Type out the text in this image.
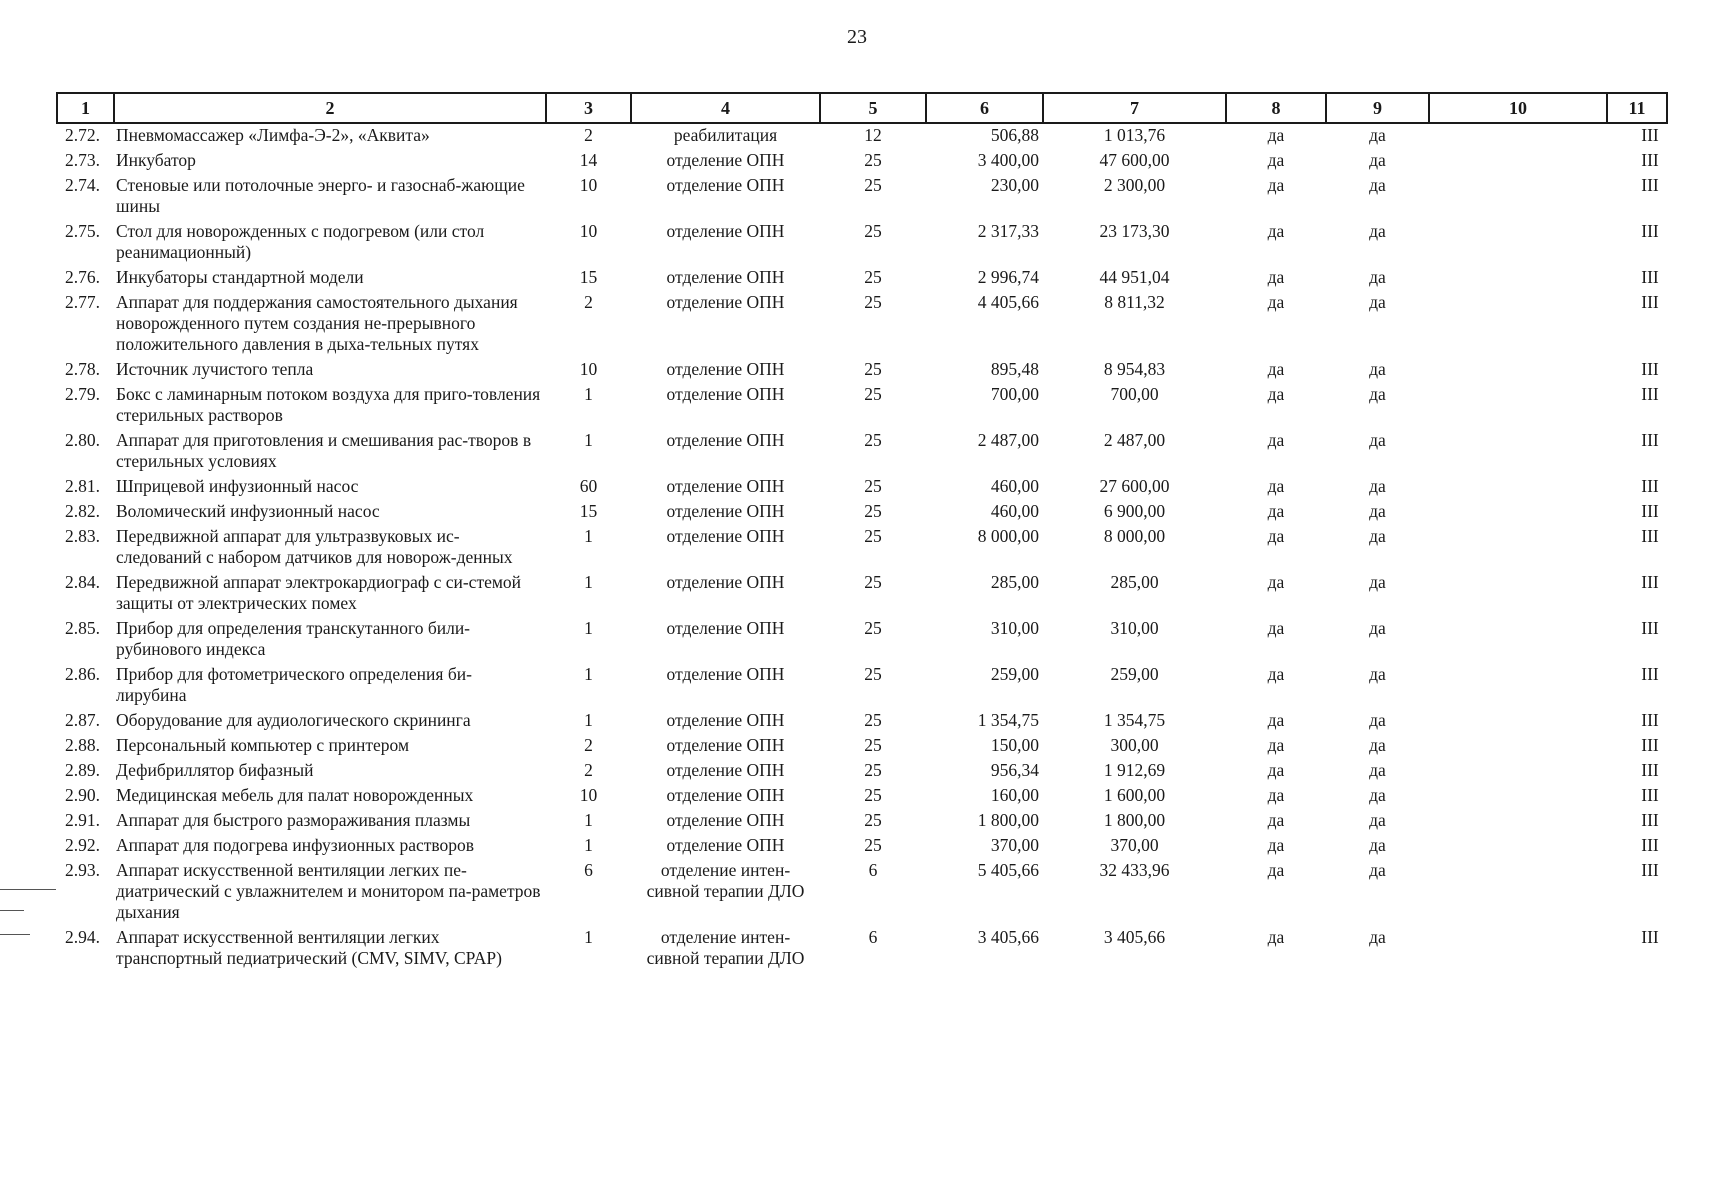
23
1	2	3	4	5	6	7	8	9	10	11
2.72.	Пневмомассажер «Лимфа-Э-2», «Аквита»	2	реабилитация	12	506,88	1 013,76	да	да		III
2.73.	Инкубатор	14	отделение ОПН	25	3 400,00	47 600,00	да	да		III
2.74.	Стеновые или потолочные энерго- и газоснаб-жающие шины	10	отделение ОПН	25	230,00	2 300,00	да	да		III
2.75.	Стол для новорожденных с подогревом (или стол реанимационный)	10	отделение ОПН	25	2 317,33	23 173,30	да	да		III
2.76.	Инкубаторы стандартной модели	15	отделение ОПН	25	2 996,74	44 951,04	да	да		III
2.77.	Аппарат для поддержания самостоятельного дыхания новорожденного путем создания не-прерывного положительного давления в дыха-тельных путях	2	отделение ОПН	25	4 405,66	8 811,32	да	да		III
2.78.	Источник лучистого тепла	10	отделение ОПН	25	895,48	8 954,83	да	да		III
2.79.	Бокс с ламинарным потоком воздуха для приго-товления стерильных растворов	1	отделение ОПН	25	700,00	700,00	да	да		III
2.80.	Аппарат для приготовления и смешивания рас-творов в стерильных условиях	1	отделение ОПН	25	2 487,00	2 487,00	да	да		III
2.81.	Шприцевой инфузионный насос	60	отделение ОПН	25	460,00	27 600,00	да	да		III
2.82.	Воломический инфузионный насос	15	отделение ОПН	25	460,00	6 900,00	да	да		III
2.83.	Передвижной аппарат для ультразвуковых ис-следований с набором датчиков для новорож-денных	1	отделение ОПН	25	8 000,00	8 000,00	да	да		III
2.84.	Передвижной аппарат электрокардиограф с си-стемой защиты от электрических помех	1	отделение ОПН	25	285,00	285,00	да	да		III
2.85.	Прибор для определения транскутанного били-рубинового индекса	1	отделение ОПН	25	310,00	310,00	да	да		III
2.86.	Прибор для фотометрического определения би-лирубина	1	отделение ОПН	25	259,00	259,00	да	да		III
2.87.	Оборудование для аудиологического скрининга	1	отделение ОПН	25	1 354,75	1 354,75	да	да		III
2.88.	Персональный компьютер с принтером	2	отделение ОПН	25	150,00	300,00	да	да		III
2.89.	Дефибриллятор бифазный	2	отделение ОПН	25	956,34	1 912,69	да	да		III
2.90.	Медицинская мебель для палат новорожденных	10	отделение ОПН	25	160,00	1 600,00	да	да		III
2.91.	Аппарат для быстрого размораживания плазмы	1	отделение ОПН	25	1 800,00	1 800,00	да	да		III
2.92.	Аппарат для подогрева инфузионных растворов	1	отделение ОПН	25	370,00	370,00	да	да		III
2.93.	Аппарат искусственной вентиляции легких пе-диатрический с увлажнителем и монитором па-раметров дыхания	6	отделение интен-сивной терапии ДЛО	6	5 405,66	32 433,96	да	да		III
2.94.	Аппарат искусственной вентиляции легких транспортный педиатрический (CMV, SIMV, CPAP)	1	отделение интен-сивной терапии ДЛО	6	3 405,66	3 405,66	да	да		III
